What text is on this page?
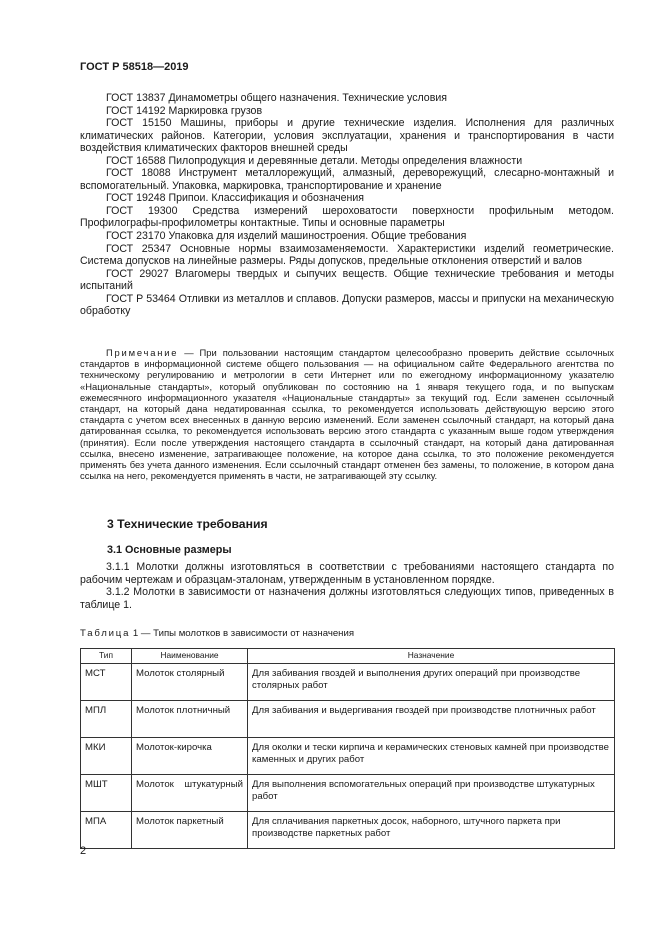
ГОСТ Р 58518—2019

ГОСТ 13837 Динамометры общего назначения. Технические условия

ГОСТ 14192 Маркировка грузов

ГОСТ 15150 Машины, приборы и другие технические изделия. Исполнения для различных климатических районов. Категории, условия эксплуатации, хранения и транспортирования в части воздействия климатических факторов внешней среды

ГОСТ 16588 Пилопродукция и деревянные детали. Методы определения влажности

ГОСТ 18088 Инструмент металлорежущий, алмазный, дереворежущий, слесарно-монтажный и вспомогательный. Упаковка, маркировка, транспортирование и хранение

ГОСТ 19248 Припои. Классификация и обозначения

ГОСТ 19300 Средства измерений шероховатости поверхности профильным методом. Профилографы-профилометры контактные. Типы и основные параметры

ГОСТ 23170 Упаковка для изделий машиностроения. Общие требования

ГОСТ 25347 Основные нормы взаимозаменяемости. Характеристики изделий геометрические. Система допусков на линейные размеры. Ряды допусков, предельные отклонения отверстий и валов

ГОСТ 29027 Влагомеры твердых и сыпучих веществ. Общие технические требования и методы испытаний

ГОСТ Р 53464 Отливки из металлов и сплавов. Допуски размеров, массы и припуски на механическую обработку

Примечание — При пользовании настоящим стандартом целесообразно проверить действие ссылочных стандартов в информационной системе общего пользования — на официальном сайте Федерального агентства по техническому регулированию и метрологии в сети Интернет или по ежегодному информационному указателю «Национальные стандарты», который опубликован по состоянию на 1 января текущего года, и по выпускам ежемесячного информационного указателя «Национальные стандарты» за текущий год. Если заменен ссылочный стандарт, на который дана недатированная ссылка, то рекомендуется использовать действующую версию этого стандарта с учетом всех внесенных в данную версию изменений. Если заменен ссылочный стандарт, на который дана датированная ссылка, то рекомендуется использовать версию этого стандарта с указанным выше годом утверждения (принятия). Если после утверждения настоящего стандарта в ссылочный стандарт, на который дана датированная ссылка, внесено изменение, затрагивающее положение, на которое дана ссылка, то это положение рекомендуется применять без учета данного изменения. Если ссылочный стандарт отменен без замены, то положение, в котором дана ссылка на него, рекомендуется применять в части, не затрагивающей эту ссылку.

3 Технические требования
3.1 Основные размеры

3.1.1 Молотки должны изготовляться в соответствии с требованиями настоящего стандарта по рабочим чертежам и образцам-эталонам, утвержденным в установленном порядке.

3.1.2 Молотки в зависимости от назначения должны изготовляться следующих типов, приведенных в таблице 1.

Таблица 1 — Типы молотков в зависимости от назначения
Тип	Наименование	Назначение
МСТ	Молоток столярный	Для забивания гвоздей и выполнения других операций при производстве столярных работ
МПЛ	Молоток плотничный	Для забивания и выдергивания гвоздей при производстве плотничных работ
МКИ	Молоток-кирочка	Для околки и тески кирпича и керамических стеновых камней при производстве каменных и других работ
МШТ	Молоток штукатурный	Для выполнения вспомогательных операций при производстве штукатурных работ
МПА	Молоток паркетный	Для сплачивания паркетных досок, наборного, штучного паркета при производстве паркетных работ
2
